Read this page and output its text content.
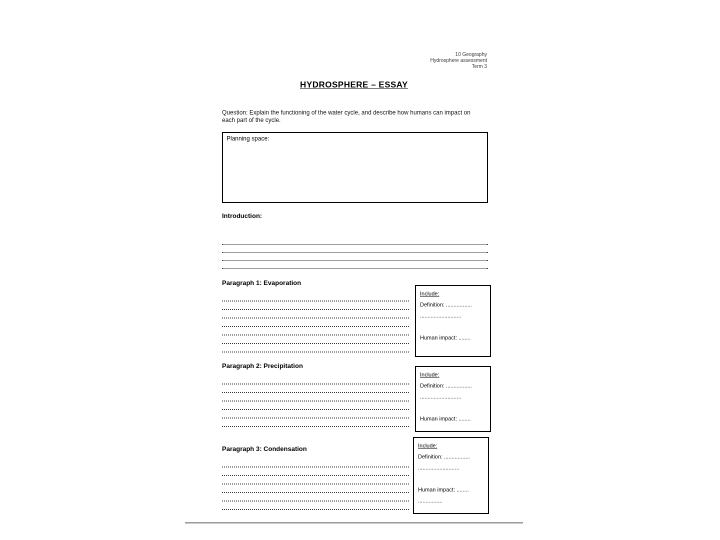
10 Geography
Hydrosphere assessment
Term 3
HYDROSPHERE – ESSAY
Question: Explain the functioning of the water cycle, and describe how humans can impact on
each part of the cycle.
Planning space:
Introduction:
Paragraph 1: Evaporation
Include:
Definition: .................
...........................
Human impact: ........
Paragraph 2: Precipitation
Include:
Definition: .................
...........................
Human impact: ........
Paragraph 3: Condensation	Include:
Definition: .................
...........................
Human impact: ........
................
